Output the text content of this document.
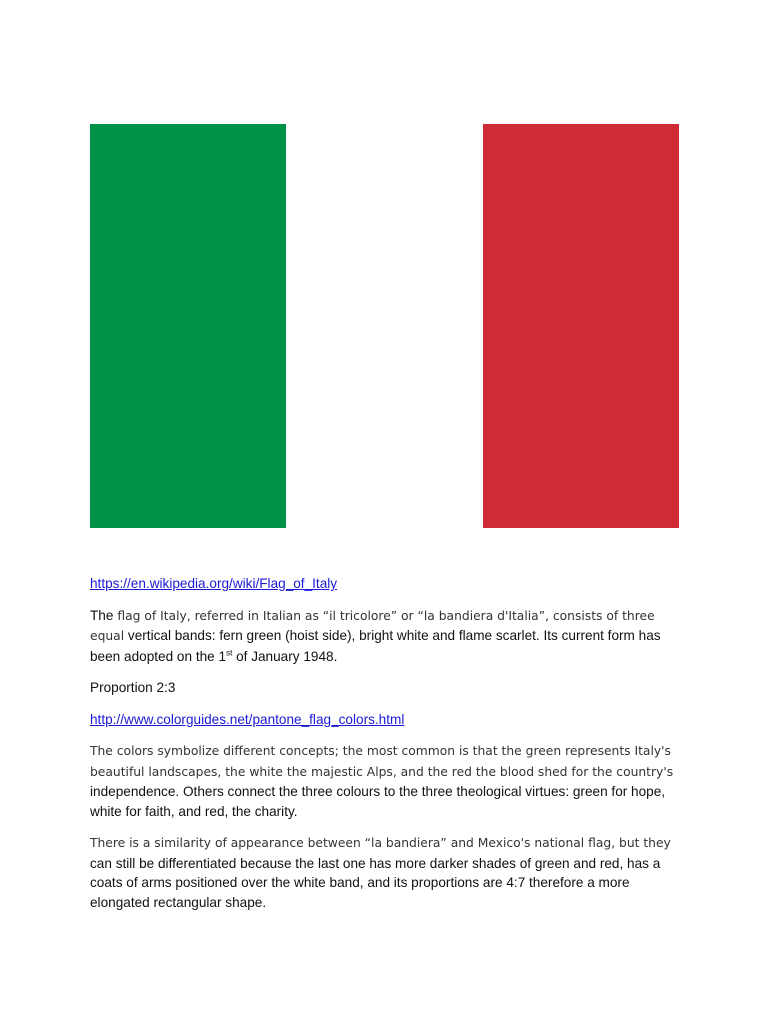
https://en.wikipedia.org/wiki/Flag_of_Italy

The flag of Italy, referred in Italian as “il tricolore” or “la bandiera d'Italia”, consists of three equal vertical bands: fern green (hoist side), bright white and flame scarlet. Its current form has been adopted on the 1st of January 1948.

Proportion 2:3

http://www.colorguides.net/pantone_flag_colors.html

The colors symbolize different concepts; the most common is that the green represents Italy's beautiful landscapes, the white the majestic Alps, and the red the blood shed for the country's independence. Others connect the three colours to the three theological virtues: green for hope, white for faith, and red, the charity.

There is a similarity of appearance between “la bandiera” and Mexico's national flag, but they can still be differentiated because the last one has more darker shades of green and red, has a coats of arms positioned over the white band, and its proportions are 4:7 therefore a more elongated rectangular shape.
